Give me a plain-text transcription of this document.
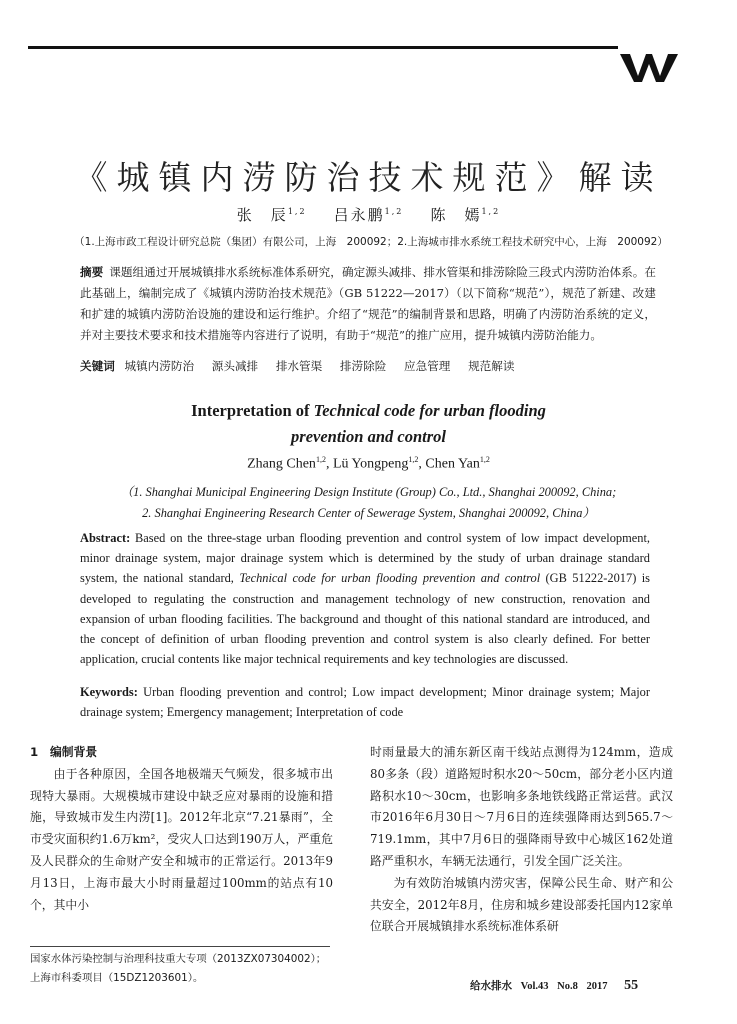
《城镇内涝防治技术规范》解读
张　辰$^{1,2}$ 吕永鹏$^{1,2}$ 陈　嫣$^{1,2}$
（1.上海市政工程设计研究总院（集团）有限公司，上海　200092；2.上海城市排水系统工程技术研究中心，上海　200092）
摘要 课题组通过开展城镇排水系统标准体系研究，确定源头减排、排水管渠和排涝除险三段式内涝防治体系。在此基础上，编制完成了《城镇内涝防治技术规范》（GB 51222—2017）（以下简称“规范”），规范了新建、改建和扩建的城镇内涝防治设施的建设和运行维护。介绍了“规范”的编制背景和思路，明确了内涝防治系统的定义，并对主要技术要求和技术措施等内容进行了说明，有助于“规范”的推广应用，提升城镇内涝防治能力。
关键词 城镇内涝防治 源头减排 排水管渠 排涝除险 应急管理 规范解读
Interpretation of Technical code for urban flooding
prevention and control
Zhang Chen$^{1,2}$, Lü Yongpeng$^{1,2}$, Chen Yan$^{1,2}$
（1. Shanghai Municipal Engineering Design Institute (Group) Co., Ltd., Shanghai 200092, China;
2. Shanghai Engineering Research Center of Sewerage System, Shanghai 200092, China）
Abstract: Based on the three-stage urban flooding prevention and control system of low impact development, minor drainage system, major drainage system which is determined by the study of urban drainage standard system, the national standard, Technical code for urban flooding prevention and control (GB 51222-2017) is developed to regulating the construction and management technology of new construction, renovation and expansion of urban flooding facilities. The background and thought of this national standard are introduced, and the concept of definition of urban flooding prevention and control system is also clearly defined. For better application, crucial contents like major technical requirements and key technologies are discussed.
Keywords: Urban flooding prevention and control; Low impact development; Minor drainage system; Major drainage system; Emergency management; Interpretation of code

1　编制背景

由于各种原因，全国各地极端天气频发，很多城市出现特大暴雨。大规模城市建设中缺乏应对暴雨的设施和措施，导致城市发生内涝[1]。2012年北京“7.21暴雨”，全市受灾面积约1.6万km²，受灾人口达到190万人，严重危及人民群众的生命财产安全和城市的正常运行。2013年9月13日，上海市最大小时雨量超过100mm的站点有10个，其中小

时雨量最大的浦东新区南干线站点测得为124mm，造成80多条（段）道路短时积水20～50cm，部分老小区内道路积水10～30cm，也影响多条地铁线路正常运营。武汉市2016年6月30日～7月6日的连续强降雨达到565.7～719.1mm，其中7月6日的强降雨导致中心城区162处道路严重积水，车辆无法通行，引发全国广泛关注。

为有效防治城镇内涝灾害，保障公民生命、财产和公共安全，2012年8月，住房和城乡建设部委托国内12家单位联合开展城镇排水系统标准体系研

国家水体污染控制与治理科技重大专项（2013ZX07304002）；
上海市科委项目（15DZ1203601）。
给水排水 Vol.43 No.8 2017 55
